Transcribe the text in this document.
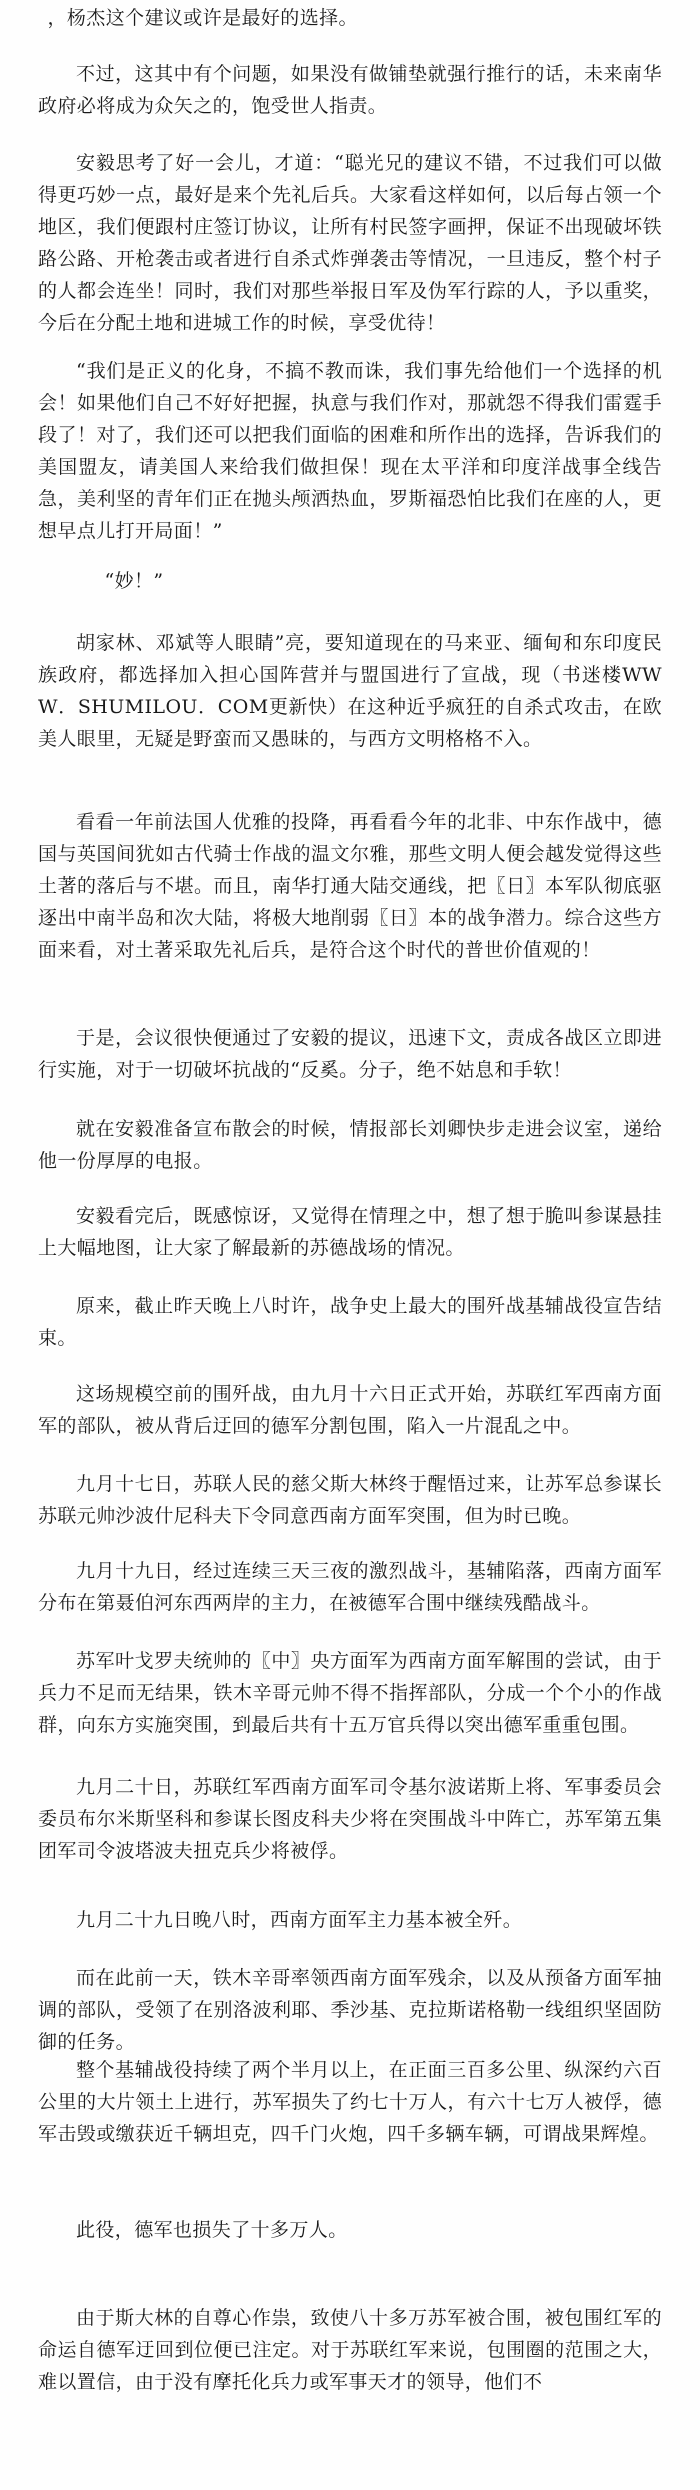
，杨杰这个建议或许是最好的选择。

不过，这其中有个问题，如果没有做铺垫就强行推行的话，未来南华政府必将成为众矢之的，饱受世人指责。

安毅思考了好一会儿，才道：“聪光兄的建议不错，不过我们可以做得更巧妙一点，最好是来个先礼后兵。大家看这样如何，以后每占领一个地区，我们便跟村庄签订协议，让所有村民签字画押，保证不出现破坏铁路公路、开枪袭击或者进行自杀式炸弹袭击等情况，一旦违反，整个村子的人都会连坐！同时，我们对那些举报日军及伪军行踪的人，予以重奖，今后在分配土地和进城工作的时候，享受优待！

“我们是正义的化身，不搞不教而诛，我们事先给他们一个选择的机会！如果他们自己不好好把握，执意与我们作对，那就怨不得我们雷霆手段了！对了，我们还可以把我们面临的困难和所作出的选择，告诉我们的美国盟友，请美国人来给我们做担保！现在太平洋和印度洋战事全线告急，美利坚的青年们正在抛头颅洒热血，罗斯福恐怕比我们在座的人，更想早点儿打开局面！”

“妙！”

胡家林、邓斌等人眼睛”亮，要知道现在的马来亚、缅甸和东印度民族政府，都选择加入担心国阵营并与盟国进行了宣战，现（书迷楼WWW．SHUMILOU．COM更新快）在这种近乎疯狂的自杀式攻击，在欧美人眼里，无疑是野蛮而又愚昧的，与西方文明格格不入。

看看一年前法国人优雅的投降，再看看今年的北非、中东作战中，德国与英国间犹如古代骑士作战的温文尔雅，那些文明人便会越发觉得这些土著的落后与不堪。而且，南华打通大陆交通线，把〖日〗本军队彻底驱逐出中南半岛和次大陆，将极大地削弱〖日〗本的战争潜力。综合这些方面来看，对土著采取先礼后兵，是符合这个时代的普世价值观的！

于是，会议很快便通过了安毅的提议，迅速下文，责成各战区立即进行实施，对于一切破坏抗战的“反奚。分子，绝不姑息和手软！

就在安毅准备宣布散会的时候，情报部长刘卿快步走进会议室，递给他一份厚厚的电报。

安毅看完后，既感惊讶，又觉得在情理之中，想了想于脆叫参谋悬挂上大幅地图，让大家了解最新的苏德战场的情况。

原来，截止昨天晚上八时许，战争史上最大的围歼战基辅战役宣告结束。

这场规模空前的围歼战，由九月十六日正式开始，苏联红军西南方面军的部队，被从背后迂回的德军分割包围，陷入一片混乱之中。

九月十七日，苏联人民的慈父斯大林终于醒悟过来，让苏军总参谋长苏联元帅沙波什尼科夫下令同意西南方面军突围，但为时已晚。

九月十九日，经过连续三天三夜的激烈战斗，基辅陷落，西南方面军分布在第聂伯河东西两岸的主力，在被德军合围中继续残酷战斗。

苏军叶戈罗夫统帅的〖中〗央方面军为西南方面军解围的尝试，由于兵力不足而无结果，铁木辛哥元帅不得不指挥部队，分成一个个小的作战群，向东方实施突围，到最后共有十五万官兵得以突出德军重重包围。

九月二十日，苏联红军西南方面军司令基尔波诺斯上将、军事委员会委员布尔米斯坚科和参谋长图皮科夫少将在突围战斗中阵亡，苏军第五集团军司令波塔波夫扭克兵少将被俘。

九月二十九日晚八时，西南方面军主力基本被全歼。

而在此前一天，铁木辛哥率领西南方面军残余，以及从预备方面军抽调的部队，受领了在别洛波利耶、季沙基、克拉斯诺格勒一线组织坚固防御的任务。

整个基辅战役持续了两个半月以上，在正面三百多公里、纵深约六百公里的大片领土上进行，苏军损失了约七十万人，有六十七万人被俘，德军击毁或缴获近千辆坦克，四千门火炮，四千多辆车辆，可谓战果辉煌。

此役，德军也损失了十多万人。

由于斯大林的自尊心作祟，致使八十多万苏军被合围，被包围红军的命运自德军迂回到位便已注定。对于苏联红军来说，包围圈的范围之大，难以置信，由于没有摩托化兵力或军事天才的领导，他们不
